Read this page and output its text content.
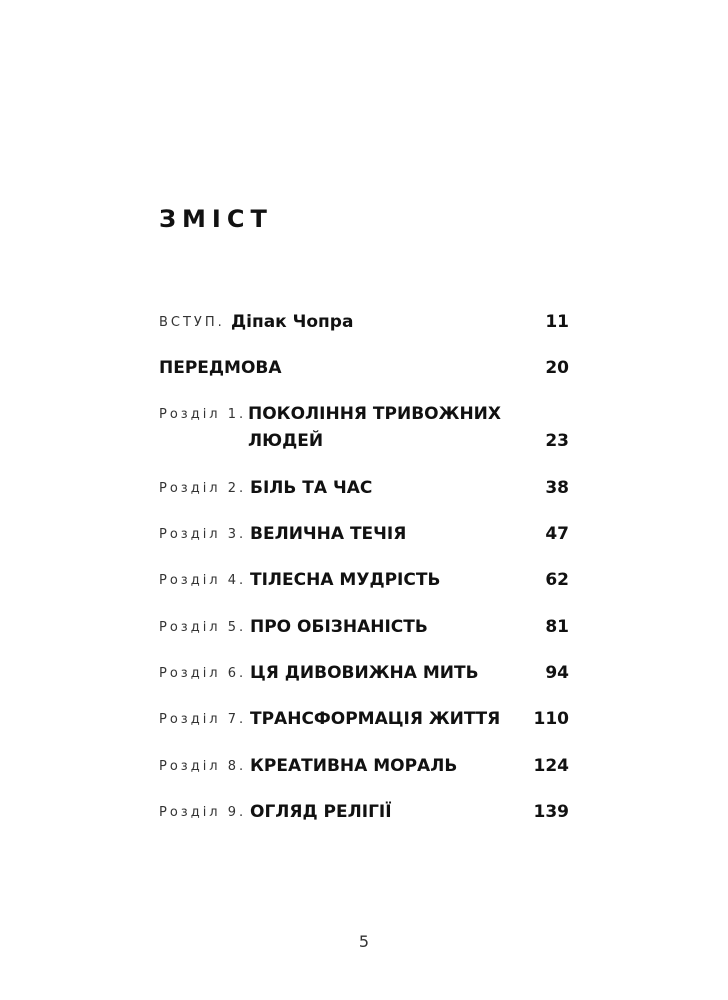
ЗМІСТ
ВСТУП. Діпак Чопра	11
ПЕРЕДМОВА	20
Розділ 1. ПОКОЛІННЯ ТРИВОЖНИХ
ЛЮДЕЙ	23
Розділ 2. БІЛЬ ТА ЧАС	38
Розділ 3. ВЕЛИЧНА ТЕЧІЯ	47
Розділ 4. ТІЛЕСНА МУДРІСТЬ	62
Розділ 5. ПРО ОБІЗНАНІСТЬ	81
Розділ 6. ЦЯ ДИВОВИЖНА МИТЬ	94
Розділ 7. ТРАНСФОРМАЦІЯ ЖИТТЯ 110
Розділ 8. КРЕАТИВНА МОРАЛЬ	124
Розділ 9. ОГЛЯД РЕЛІГІЇ	139
5
